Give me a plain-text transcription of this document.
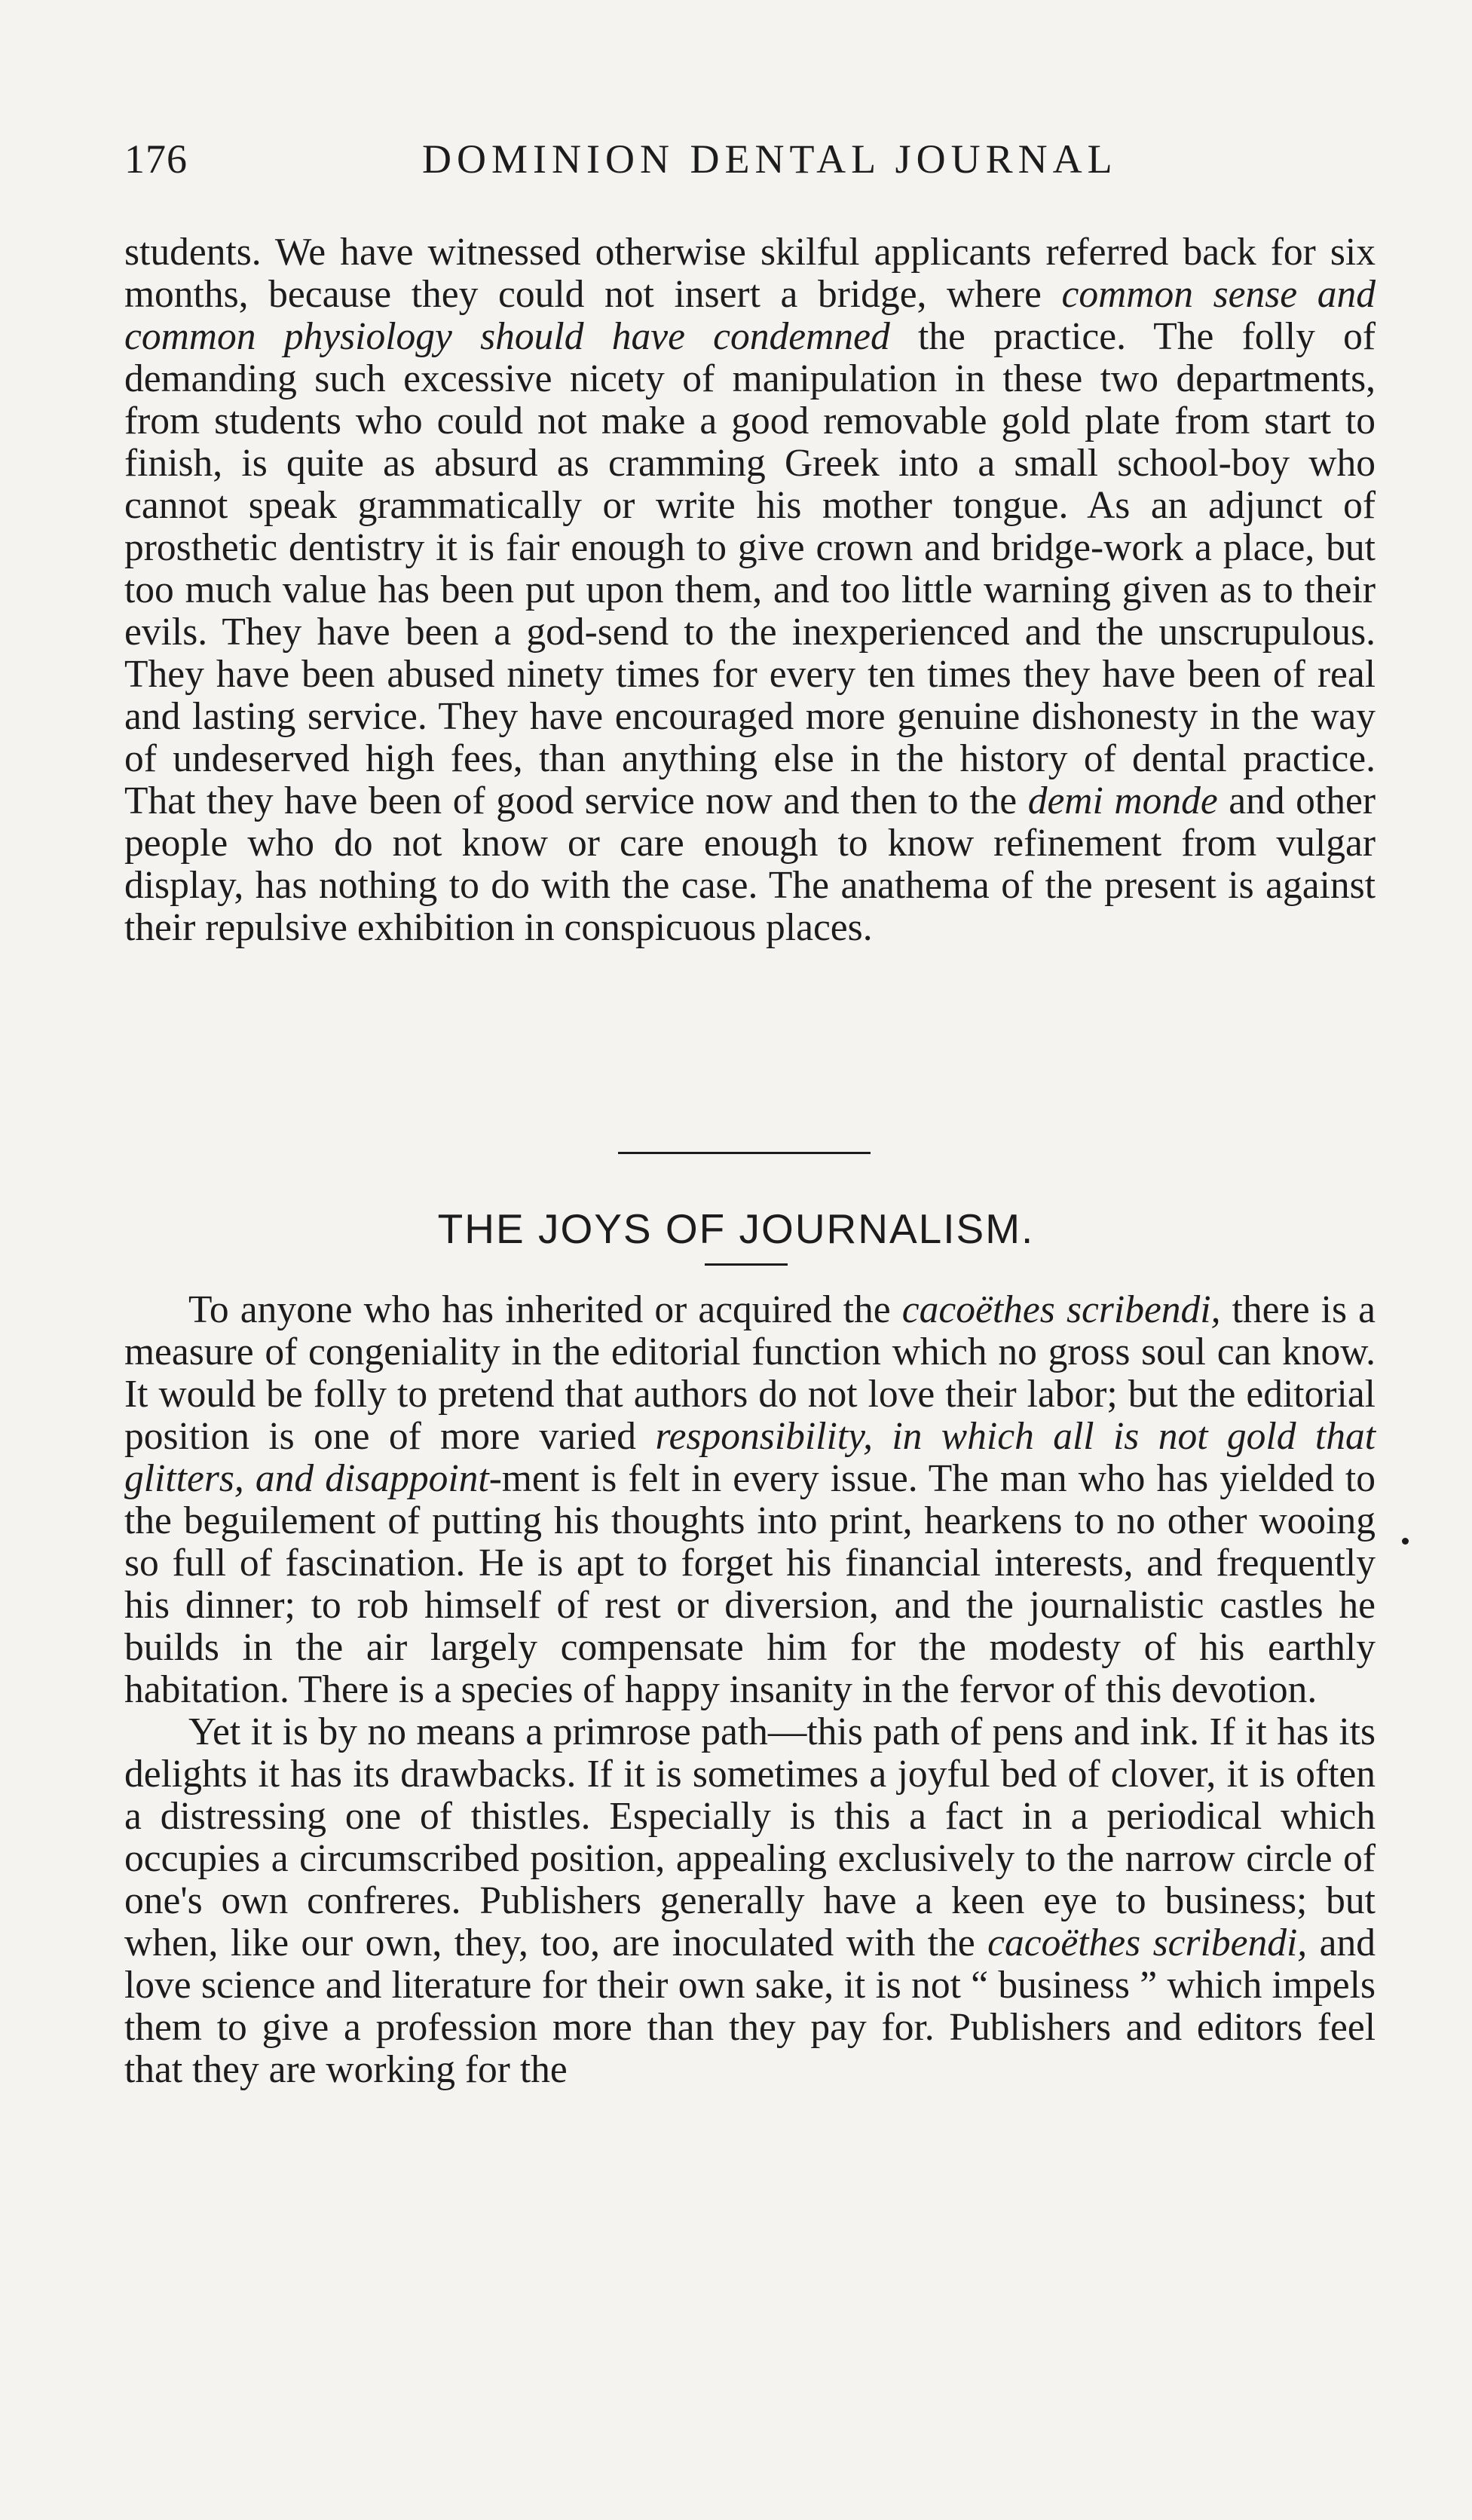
176	DOMINION DENTAL JOURNAL

students. We have witnessed otherwise skilful applicants referred back for six months, because they could not insert a bridge, where common sense and common physiology should have condemned the practice. The folly of demanding such excessive nicety of manipulation in these two departments, from students who could not make a good removable gold plate from start to finish, is quite as absurd as cramming Greek into a small school-boy who cannot speak grammatically or write his mother tongue. As an adjunct of prosthetic dentistry it is fair enough to give crown and bridge-work a place, but too much value has been put upon them, and too little warning given as to their evils. They have been a god-send to the inexperienced and the unscrupulous. They have been abused ninety times for every ten times they have been of real and lasting service. They have encouraged more genuine dishonesty in the way of undeserved high fees, than anything else in the history of dental practice. That they have been of good service now and then to the demi monde and other people who do not know or care enough to know refinement from vulgar display, has nothing to do with the case. The anathema of the present is against their repulsive exhibition in conspicuous places.

THE JOYS OF JOURNALISM.

To anyone who has inherited or acquired the cacoëthes scribendi, there is a measure of congeniality in the editorial function which no gross soul can know. It would be folly to pretend that authors do not love their labor; but the editorial position is one of more varied responsibility, in which all is not gold that glitters, and disappoint-ment is felt in every issue. The man who has yielded to the beguilement of putting his thoughts into print, hearkens to no other wooing so full of fascination. He is apt to forget his financial interests, and frequently his dinner; to rob himself of rest or diversion, and the journalistic castles he builds in the air largely compensate him for the modesty of his earthly habitation. There is a species of happy insanity in the fervor of this devotion.

Yet it is by no means a primrose path—this path of pens and ink. If it has its delights it has its drawbacks. If it is sometimes a joyful bed of clover, it is often a distressing one of thistles. Especially is this a fact in a periodical which occupies a circumscribed position, appealing exclusively to the narrow circle of one's own confreres. Publishers generally have a keen eye to business; but when, like our own, they, too, are inoculated with the cacoëthes scribendi, and love science and literature for their own sake, it is not “ business ” which impels them to give a profession more than they pay for. Publishers and editors feel that they are working for the
